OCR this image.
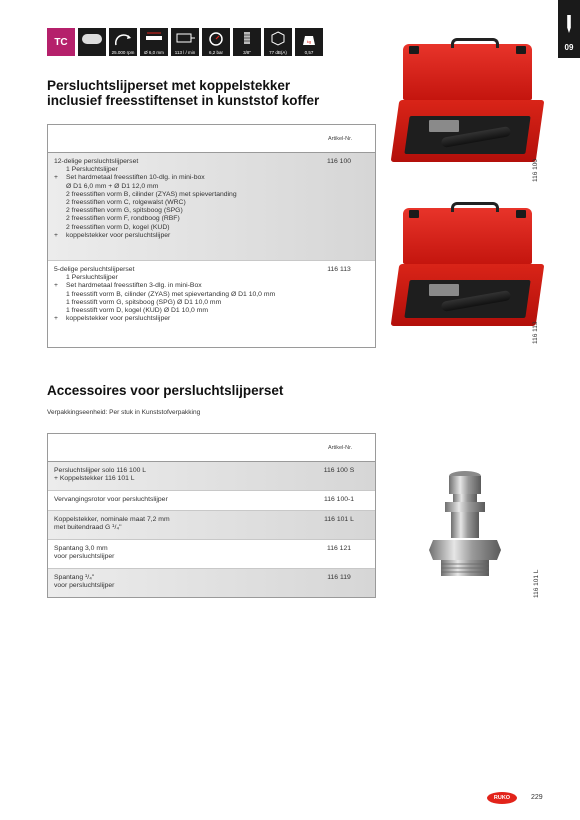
TC
25.000 rpm Ø 6,0 mm 113 l / min	6,2 bar	3/8"	77 dB(A)
kg
0,57
09
Persluchtslijperset met koppelstekker inclusief freesstiftenset in kunststof koffer
Artikel-Nr.
12-delige persluchtslijperset
1 Persluchtslijper
+ Set hardmetaal freesstiften 10-dlg. in mini-box
Ø D1 6,0 mm + Ø D1 12,0 mm
2 freesstiften vorm B, cilinder (ZYAS) met spievertanding
2 freesstiften vorm C, rolgewalst (WRC)
2 freesstiften vorm G, spitsboog (SPG)
2 freesstiften vorm F, rondboog (RBF)
2 freesstiften vorm D, kogel (KUD)
+ koppelstekker voor persluchtslijper
116 100
5-delige persluchtslijperset
1 Persluchtslijper
+ Set hardmetaal freesstiften 3-dlg. in mini-Box
1 freesstift vorm B, cilinder (ZYAS) met spievertanding Ø D1 10,0 mm
1 freesstift vorm G, spitsboog (SPG) Ø D1 10,0 mm
1 freesstift vorm D, kogel (KUD) Ø D1 10,0 mm
+ koppelstekker voor persluchtslijper
116 113
116 100
116 113
Accessoires voor persluchtslijperset

Verpakkingseenheid: Per stuk in Kunststofverpakking

Artikel-Nr.
Persluchtslijper solo 116 100 L
+ Koppelstekker 116 101 L
116 100 S
Vervangingsrotor voor persluchtslijper	116 100-1
Koppelstekker, nominale maat 7,2 mm
met buitendraad G ¹/₄"
116 101 L
Spantang 3,0 mm
voor persluchtslijper
116 121
Spantang ¹/₄"
voor persluchtslijper
116 119	116 101 L
RUKO	229
